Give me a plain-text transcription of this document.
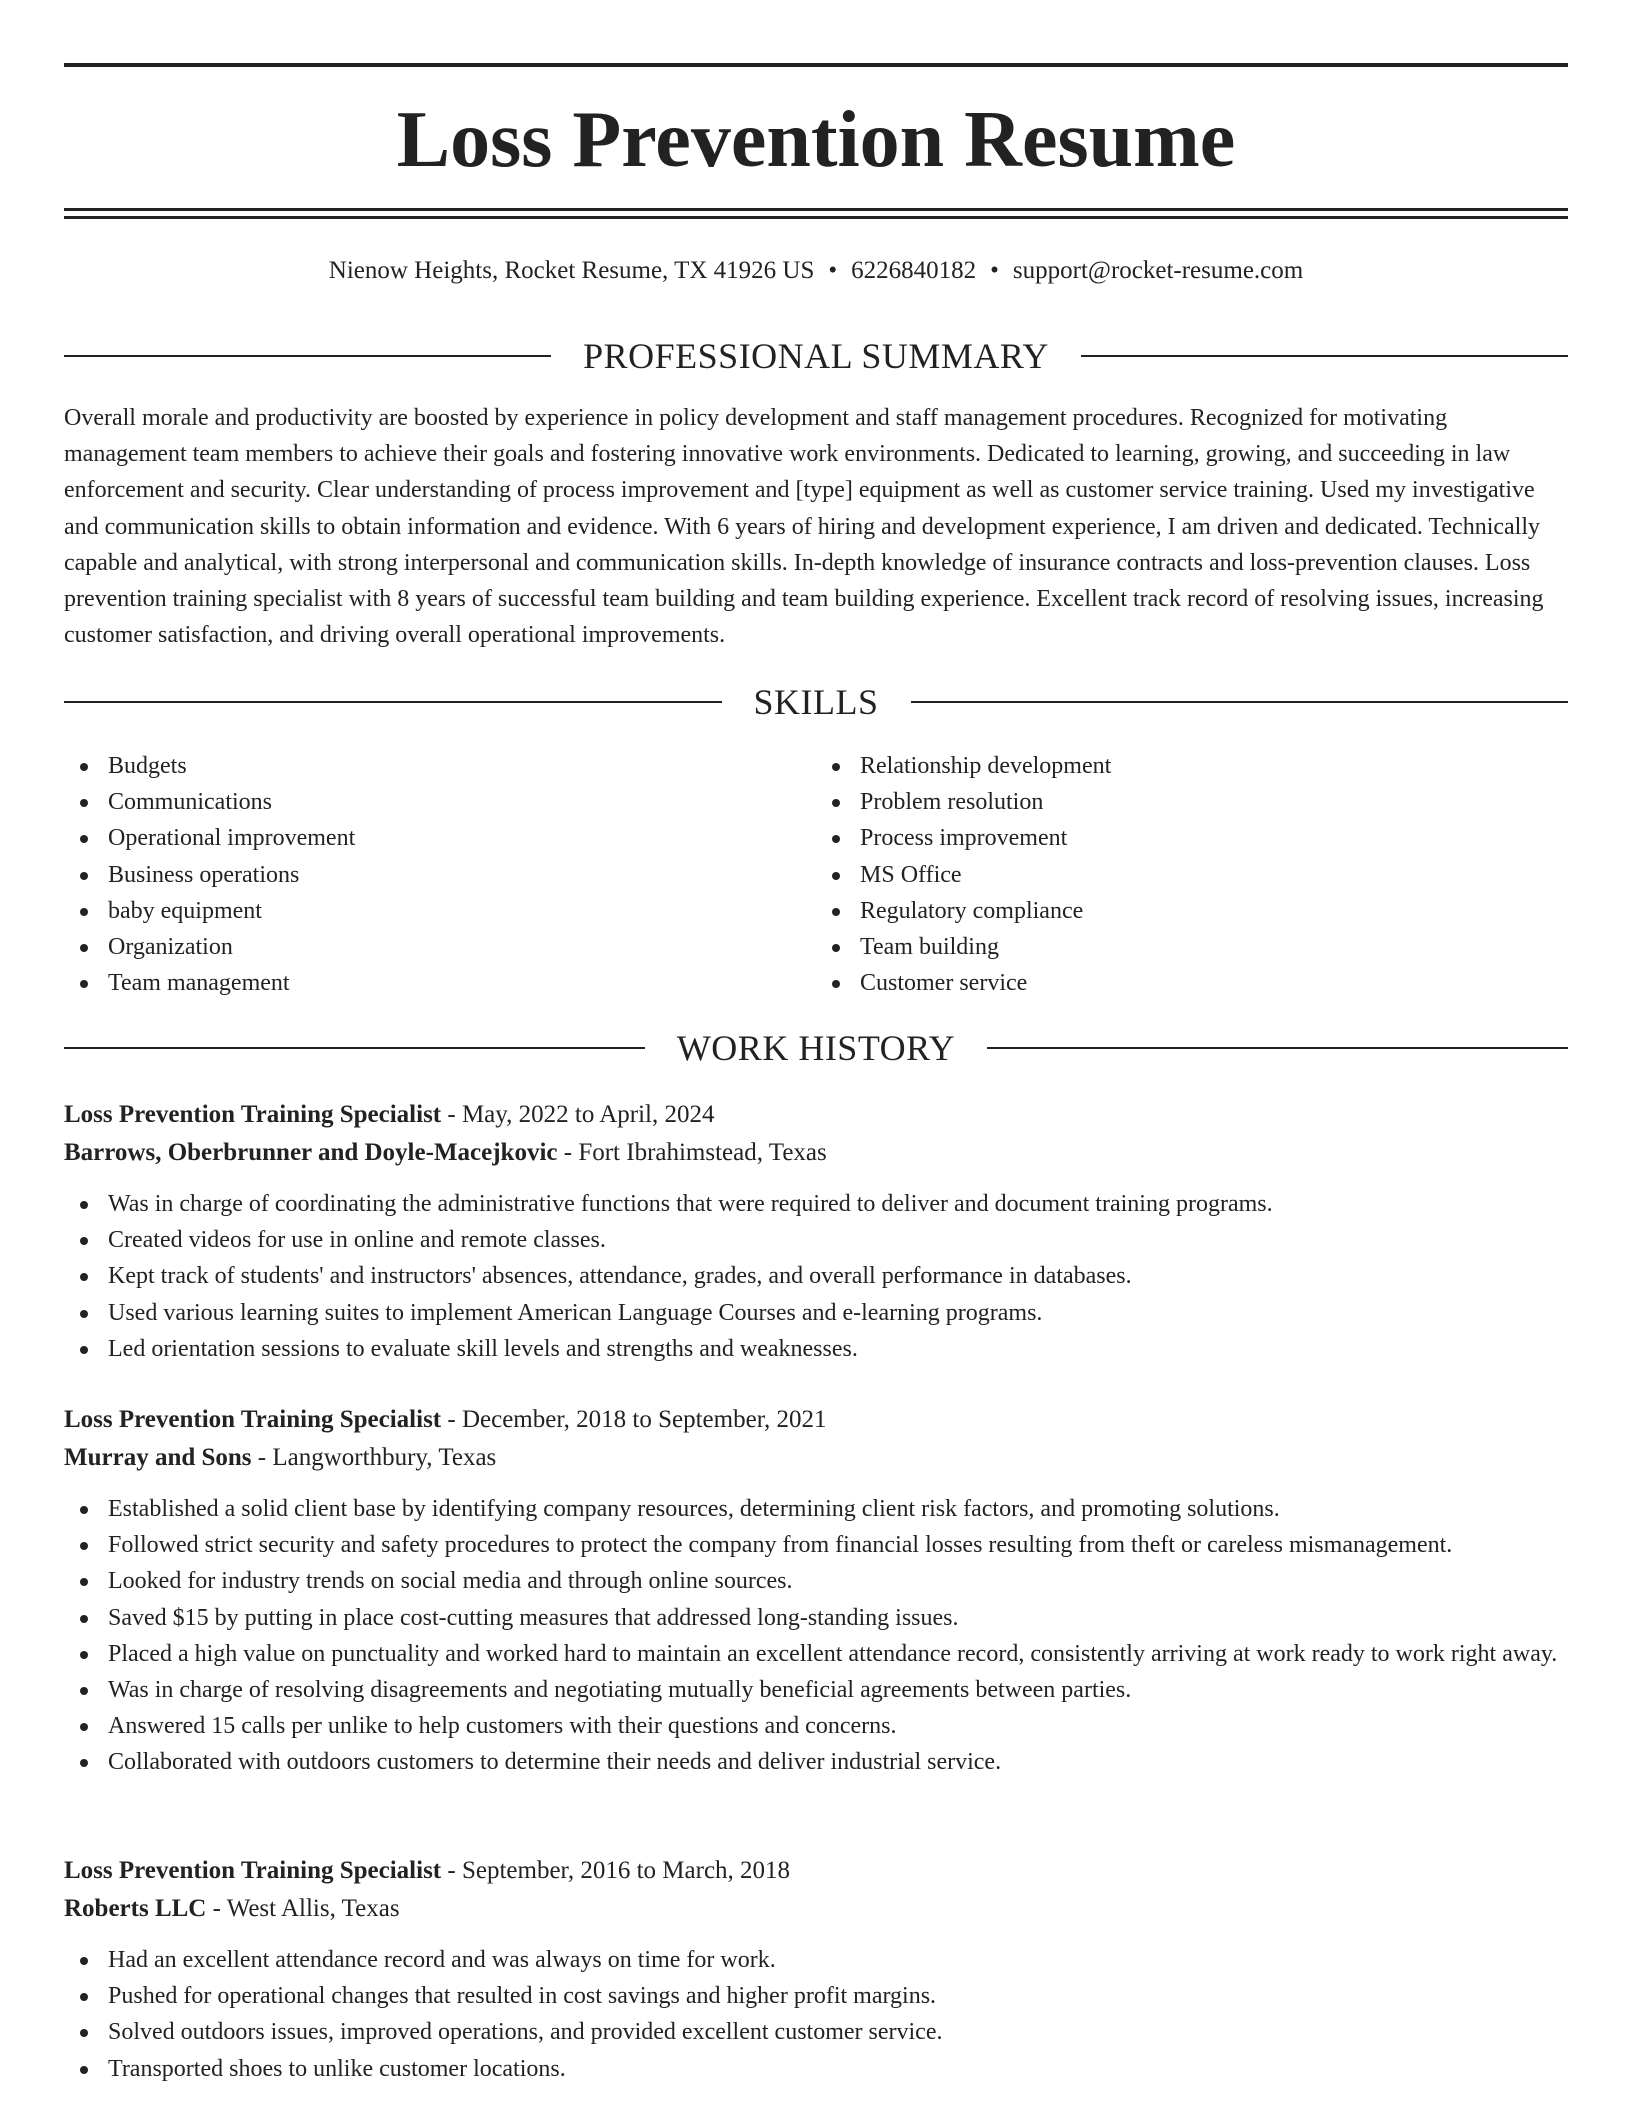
Loss Prevention Resume
Nienow Heights, Rocket Resume, TX 41926 US • 6226840182 • support@rocket-resume.com
PROFESSIONAL SUMMARY

Overall morale and productivity are boosted by experience in policy development and staff management procedures. Recognized for motivating management team members to achieve their goals and fostering innovative work environments. Dedicated to learning, growing, and succeeding in law enforcement and security. Clear understanding of process improvement and [type] equipment as well as customer service training. Used my investigative and communication skills to obtain information and evidence. With 6 years of hiring and development experience, I am driven and dedicated. Technically capable and analytical, with strong interpersonal and communication skills. In-depth knowledge of insurance contracts and loss-prevention clauses. Loss prevention training specialist with 8 years of successful team building and team building experience. Excellent track record of resolving issues, increasing customer satisfaction, and driving overall operational improvements.

SKILLS
Budgets
Communications
Operational improvement
Business operations
baby equipment
Organization
Team management
Relationship development
Problem resolution
Process improvement
MS Office
Regulatory compliance
Team building
Customer service
WORK HISTORY
Loss Prevention Training Specialist - May, 2022 to April, 2024
Barrows, Oberbrunner and Doyle-Macejkovic - Fort Ibrahimstead, Texas
Was in charge of coordinating the administrative functions that were required to deliver and document training programs.
Created videos for use in online and remote classes.
Kept track of students' and instructors' absences, attendance, grades, and overall performance in databases.
Used various learning suites to implement American Language Courses and e-learning programs.
Led orientation sessions to evaluate skill levels and strengths and weaknesses.
Loss Prevention Training Specialist - December, 2018 to September, 2021
Murray and Sons - Langworthbury, Texas
Established a solid client base by identifying company resources, determining client risk factors, and promoting solutions.
Followed strict security and safety procedures to protect the company from financial losses resulting from theft or careless mismanagement.
Looked for industry trends on social media and through online sources.
Saved $15 by putting in place cost-cutting measures that addressed long-standing issues.
Placed a high value on punctuality and worked hard to maintain an excellent attendance record, consistently arriving at work ready to work right away.
Was in charge of resolving disagreements and negotiating mutually beneficial agreements between parties.
Answered 15 calls per unlike to help customers with their questions and concerns.
Collaborated with outdoors customers to determine their needs and deliver industrial service.
Loss Prevention Training Specialist - September, 2016 to March, 2018
Roberts LLC - West Allis, Texas
Had an excellent attendance record and was always on time for work.
Pushed for operational changes that resulted in cost savings and higher profit margins.
Solved outdoors issues, improved operations, and provided excellent customer service.
Transported shoes to unlike customer locations.
